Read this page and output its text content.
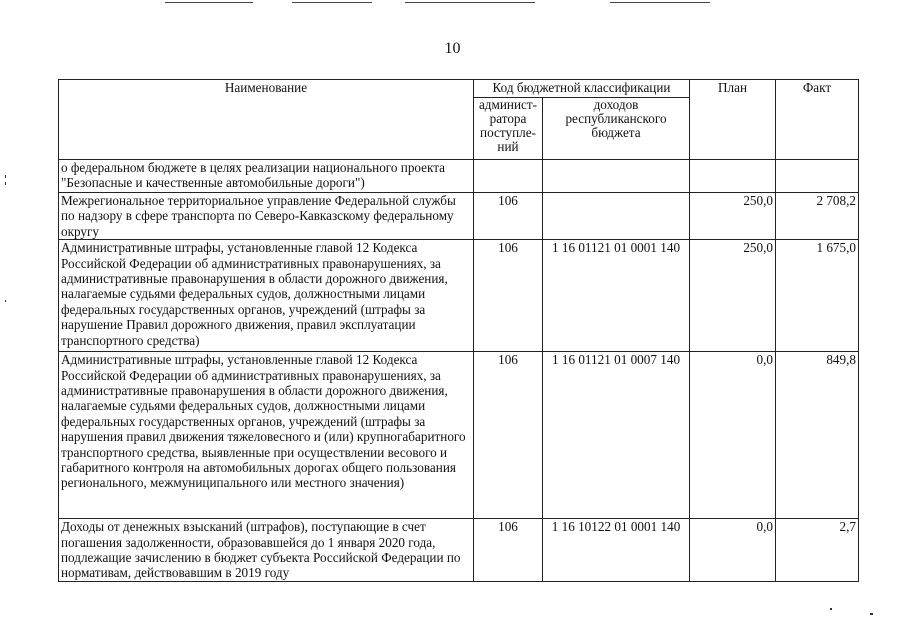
10
Наименование	Код бюджетной классификации		План	Факт
	админист-ратора поступле-ний	доходов республиканского бюджета		
о федеральном бюджете в целях реализации национального проекта "Безопасные и качественные автомобильные дороги")				
Межрегиональное территориальное управление Федеральной службы по надзору в сфере транспорта по Северо-Кавказскому федеральному округу	106		250,0	2 708,2
Административные штрафы, установленные главой 12 Кодекса Российской Федерации об административных правонарушениях, за административные правонарушения в области дорожного движения, налагаемые судьями федеральных судов, должностными лицами федеральных государственных органов, учреждений (штрафы за нарушение Правил дорожного движения, правил эксплуатации транспортного средства)	106	1 16 01121 01 0001 140	250,0	1 675,0
Административные штрафы, установленные главой 12 Кодекса Российской Федерации об административных правонарушениях, за административные правонарушения в области дорожного движения, налагаемые судьями федеральных судов, должностными лицами федеральных государственных органов, учреждений (штрафы за нарушения правил движения тяжеловесного и (или) крупногабаритного транспортного средства, выявленные при осуществлении весового и габаритного контроля на автомобильных дорогах общего пользования регионального, межмуниципального или местного значения)	106	1 16 01121 01 0007 140	0,0	849,8
Доходы от денежных взысканий (штрафов), поступающие в счет погашения задолженности, образовавшейся до 1 января 2020 года, подлежащие зачислению в бюджет субъекта Российской Федерации по нормативам, действовавшим в 2019 году	106	1 16 10122 01 0001 140	0,0	2,7
